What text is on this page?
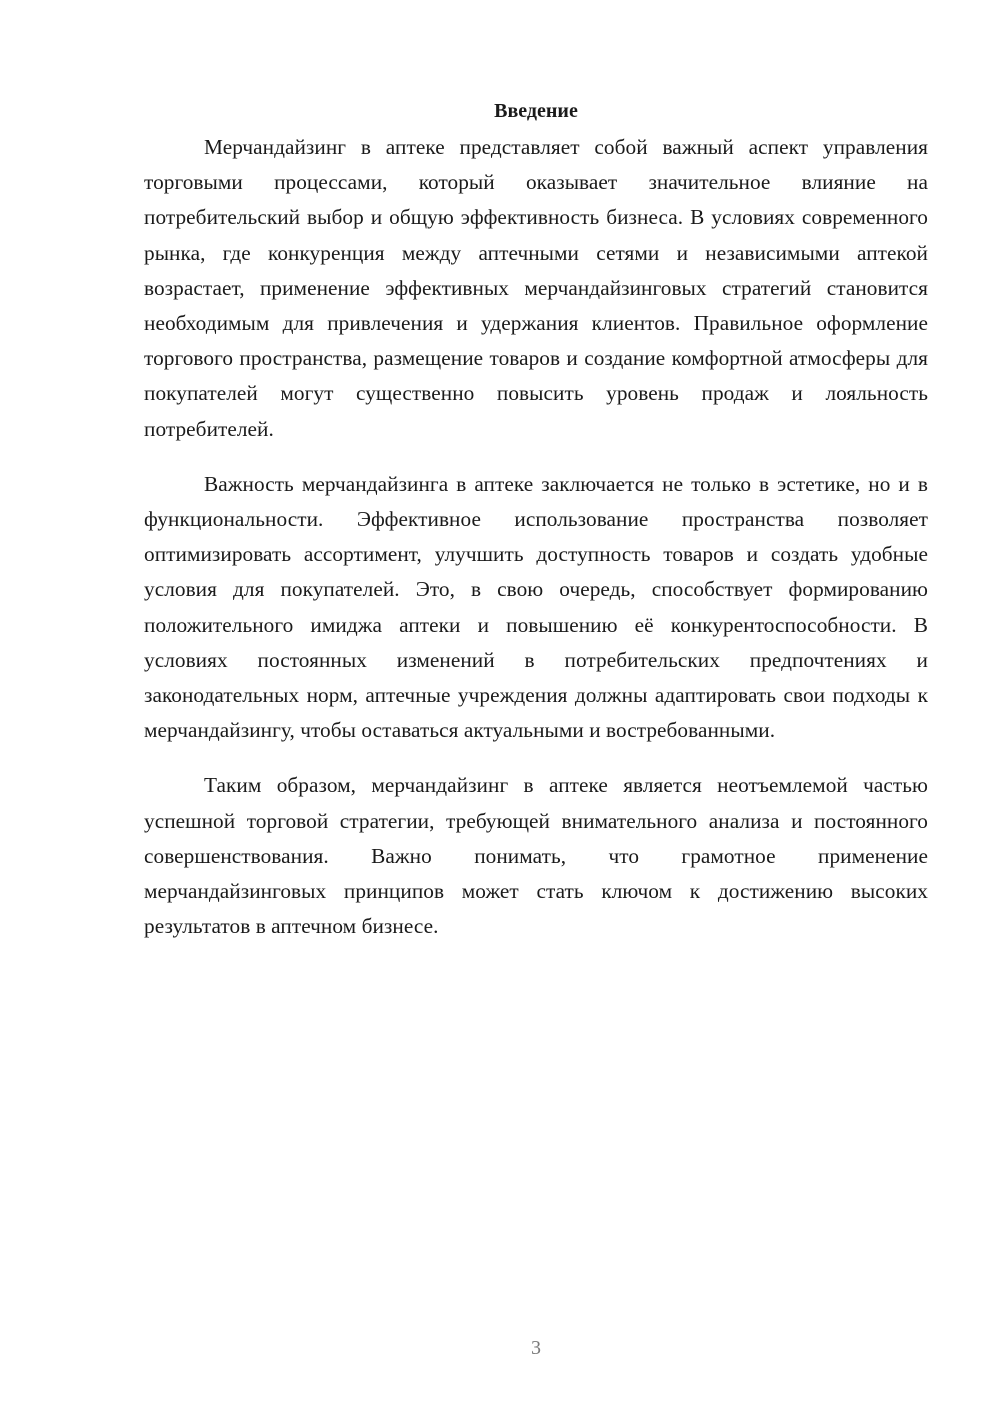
Введение

Мерчандайзинг в аптеке представляет собой важный аспект управления торговыми процессами, который оказывает значительное влияние на потребительский выбор и общую эффективность бизнеса. В условиях современного рынка, где конкуренция между аптечными сетями и независимыми аптекой возрастает, применение эффективных мерчандайзинговых стратегий становится необходимым для привлечения и удержания клиентов. Правильное оформление торгового пространства, размещение товаров и создание комфортной атмосферы для покупателей могут существенно повысить уровень продаж и лояльность потребителей.

Важность мерчандайзинга в аптеке заключается не только в эстетике, но и в функциональности. Эффективное использование пространства позволяет оптимизировать ассортимент, улучшить доступность товаров и создать удобные условия для покупателей. Это, в свою очередь, способствует формированию положительного имиджа аптеки и повышению её конкурентоспособности. В условиях постоянных изменений в потребительских предпочтениях и законодательных норм, аптечные учреждения должны адаптировать свои подходы к мерчандайзингу, чтобы оставаться актуальными и востребованными.

Таким образом, мерчандайзинг в аптеке является неотъемлемой частью успешной торговой стратегии, требующей внимательного анализа и постоянного совершенствования. Важно понимать, что грамотное применение мерчандайзинговых принципов может стать ключом к достижению высоких результатов в аптечном бизнесе.

3
